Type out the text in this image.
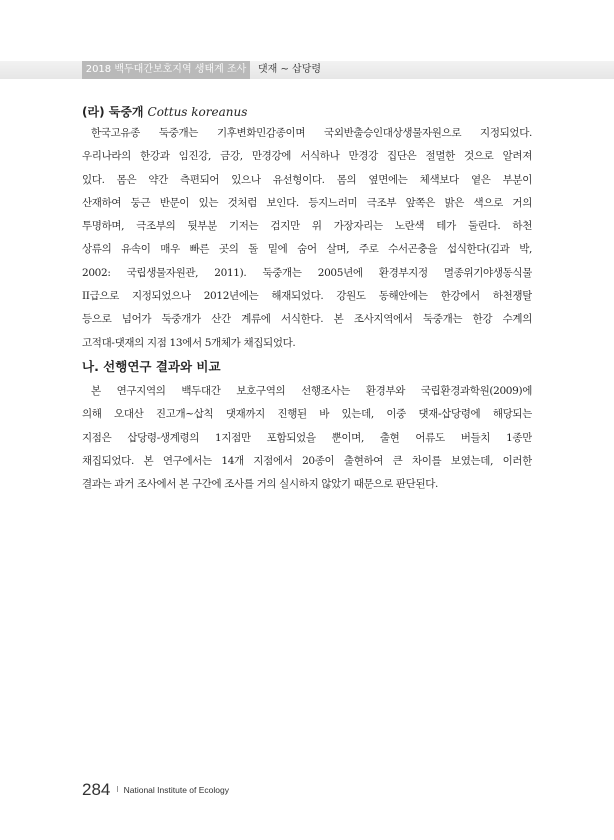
2018 백두대간보호지역 생태계 조사	댓재 ~ 삽당령
(라) 둑중개 Cottus koreanus
한국고유종 둑중개는 기후변화민감종이며 국외반출승인대상생물자원으로 지정되었다.
우리나라의 한강과 임진강, 금강, 만경강에 서식하나 만경강 집단은 절멸한 것으로 알려져
있다. 몸은 약간 측편되어 있으나 유선형이다. 몸의 옆면에는 체색보다 옅은 부분이
산재하여 둥근 반문이 있는 것처럼 보인다. 등지느러미 극조부 앞쪽은 밝은 색으로 거의
투명하며, 극조부의 뒷부분 기저는 검지만 위 가장자리는 노란색 테가 둘린다. 하천
상류의 유속이 매우 빠른 곳의 돌 밑에 숨어 살며, 주로 수서곤충을 섭식한다(김과 박,
2002: 국립생물자원관, 2011). 둑중개는 2005년에 환경부지정 멸종위기야생동식물
II급으로 지정되었으나 2012년에는 해재되었다. 강원도 동해안에는 한강에서 하천쟁탈
등으로 넘어가 둑중개가 산간 계류에 서식한다. 본 조사지역에서 둑중개는 한강 수계의
고적대-댓재의 지점 13에서 5개체가 채집되었다.
나. 선행연구 결과와 비교
본 연구지역의 백두대간 보호구역의 선행조사는 환경부와 국립환경과학원(2009)에
의해 오대산 진고개~삽칙 댓재까지 진행된 바 있는데, 이중 댓재-삽당령에 해당되는
지점은 삽당령-생계령의 1지점만 포함되었을 뿐이며, 출현 어류도 버들치 1종만
채집되었다. 본 연구에서는 14개 지점에서 20종이 출현하여 큰 차이를 보였는데, 이러한
결과는 과거 조사에서 본 구간에 조사를 거의 실시하지 않았기 때문으로 판단된다.
284 I National Institute of Ecology
